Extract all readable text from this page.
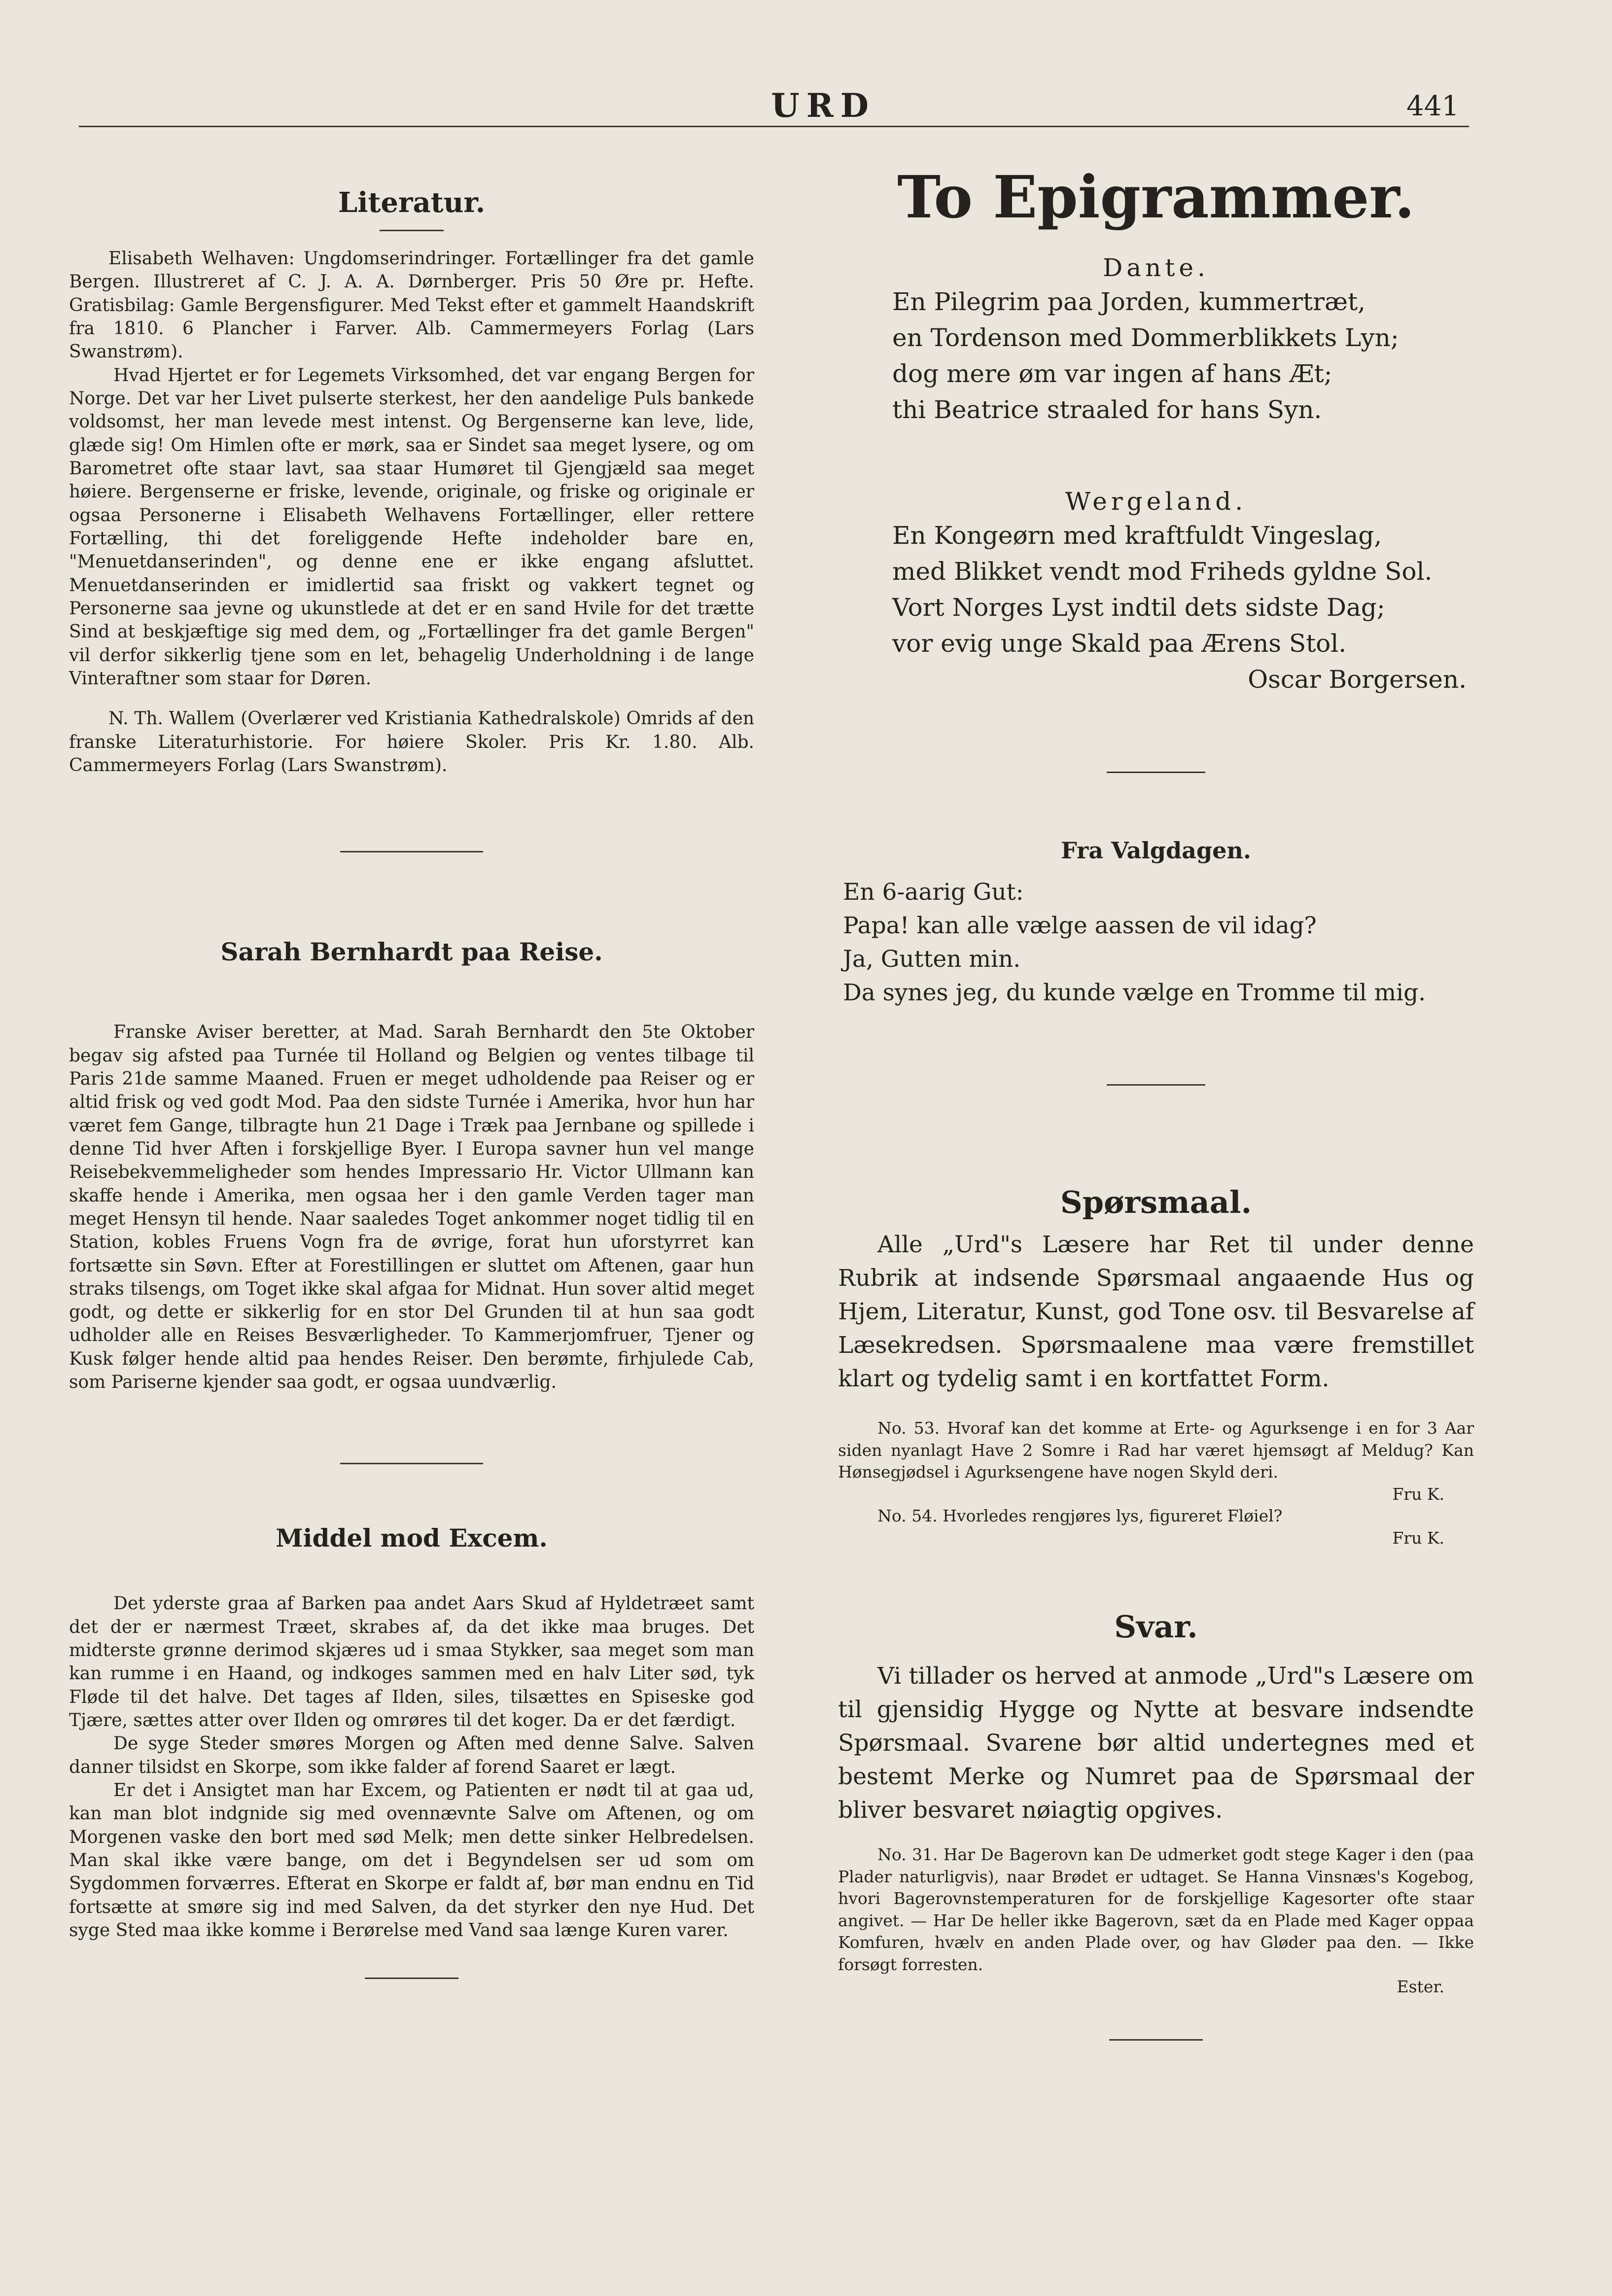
URD	441
Literatur.

Elisabeth Welhaven: Ungdomserindringer. Fortællinger fra det gamle Bergen. Illustreret af C. J. A. A. Dørnberger. Pris 50 Øre pr. Hefte. Gratisbilag: Gamle Bergensfigurer. Med Tekst efter et gammelt Haandskrift fra 1810. 6 Plancher i Farver. Alb. Cammermeyers Forlag (Lars Swanstrøm).

Hvad Hjertet er for Legemets Virksomhed, det var engang Bergen for Norge. Det var her Livet pulserte sterkest, her den aandelige Puls bankede voldsomst, her man levede mest intenst. Og Bergenserne kan leve, lide, glæde sig! Om Himlen ofte er mørk, saa er Sindet saa meget lysere, og om Barometret ofte staar lavt, saa staar Humøret til Gjengjæld saa meget høiere. Bergenserne er friske, levende, originale, og friske og originale er ogsaa Personerne i Elisabeth Welhavens Fortællinger, eller rettere Fortælling, thi det foreliggende Hefte indeholder bare en, "Menuetdanserinden", og denne ene er ikke engang afsluttet. Menuetdanserinden er imidlertid saa friskt og vakkert tegnet og Personerne saa jevne og ukunstlede at det er en sand Hvile for det trætte Sind at beskjæftige sig med dem, og „Fortællinger fra det gamle Bergen" vil derfor sikkerlig tjene som en let, behagelig Underholdning i de lange Vinteraftner som staar for Døren.

N. Th. Wallem (Overlærer ved Kristiania Kathedralskole) Omrids af den franske Literaturhistorie. For høiere Skoler. Pris Kr. 1.80. Alb. Cammermeyers Forlag (Lars Swanstrøm).

Sarah Bernhardt paa Reise.

Franske Aviser beretter, at Mad. Sarah Bernhardt den 5te Oktober begav sig afsted paa Turnée til Holland og Belgien og ventes tilbage til Paris 21de samme Maaned. Fruen er meget udholdende paa Reiser og er altid frisk og ved godt Mod. Paa den sidste Turnée i Amerika, hvor hun har været fem Gange, tilbragte hun 21 Dage i Træk paa Jernbane og spillede i denne Tid hver Aften i forskjellige Byer. I Europa savner hun vel mange Reisebekvemmeligheder som hendes Impressario Hr. Victor Ullmann kan skaffe hende i Amerika, men ogsaa her i den gamle Verden tager man meget Hensyn til hende. Naar saaledes Toget ankommer noget tidlig til en Station, kobles Fruens Vogn fra de øvrige, forat hun uforstyrret kan fortsætte sin Søvn. Efter at Forestillingen er sluttet om Aftenen, gaar hun straks tilsengs, om Toget ikke skal afgaa for Midnat. Hun sover altid meget godt, og dette er sikkerlig for en stor Del Grunden til at hun saa godt udholder alle en Reises Besværligheder. To Kammerjomfruer, Tjener og Kusk følger hende altid paa hendes Reiser. Den berømte, firhjulede Cab, som Pariserne kjender saa godt, er ogsaa uundværlig.

Middel mod Excem.

Det yderste graa af Barken paa andet Aars Skud af Hyldetræet samt det der er nærmest Træet, skrabes af, da det ikke maa bruges. Det midterste grønne derimod skjæres ud i smaa Stykker, saa meget som man kan rumme i en Haand, og indkoges sammen med en halv Liter sød, tyk Fløde til det halve. Det tages af Ilden, siles, tilsættes en Spiseske god Tjære, sættes atter over Ilden og omrøres til det koger. Da er det færdigt.

De syge Steder smøres Morgen og Aften med denne Salve. Salven danner tilsidst en Skorpe, som ikke falder af forend Saaret er lægt.

Er det i Ansigtet man har Excem, og Patienten er nødt til at gaa ud, kan man blot indgnide sig med ovennævnte Salve om Aftenen, og om Morgenen vaske den bort med sød Melk; men dette sinker Helbredelsen. Man skal ikke være bange, om det i Begyndelsen ser ud som om Sygdommen forværres. Efterat en Skorpe er faldt af, bør man endnu en Tid fortsætte at smøre sig ind med Salven, da det styrker den nye Hud. Det syge Sted maa ikke komme i Berørelse med Vand saa længe Kuren varer.

To Epigrammer.
Dante.
En Pilegrim paa Jorden, kummertræt,
en Tordenson med Dommerblikkets Lyn;
dog mere øm var ingen af hans Æt;
thi Beatrice straaled for hans Syn.
Wergeland.
En Kongeørn med kraftfuldt Vingeslag,
med Blikket vendt mod Friheds gyldne Sol.
Vort Norges Lyst indtil dets sidste Dag;
vor evig unge Skald paa Ærens Stol.
Oscar Borgersen.
Fra Valgdagen.
En 6-aarig Gut:
Papa! kan alle vælge aassen de vil idag?
Ja, Gutten min.
Da synes jeg, du kunde vælge en Tromme til mig.
Spørsmaal.

Alle „Urd"s Læsere har Ret til under denne Rubrik at indsende Spørsmaal angaaende Hus og Hjem, Literatur, Kunst, god Tone osv. til Besvarelse af Læsekredsen. Spørsmaalene maa være fremstillet klart og tydelig samt i en kortfattet Form.

No. 53. Hvoraf kan det komme at Erte- og Agurksenge i en for 3 Aar siden nyanlagt Have 2 Somre i Rad har været hjemsøgt af Meldug? Kan Hønsegjødsel i Agurksengene have nogen Skyld deri.

Fru K.

No. 54. Hvorledes rengjøres lys, figureret Fløiel?

Fru K.

Svar.

Vi tillader os herved at anmode „Urd"s Læsere om til gjensidig Hygge og Nytte at besvare indsendte Spørsmaal. Svarene bør altid undertegnes med et bestemt Merke og Numret paa de Spørsmaal der bliver besvaret nøiagtig opgives.

No. 31. Har De Bagerovn kan De udmerket godt stege Kager i den (paa Plader naturligvis), naar Brødet er udtaget. Se Hanna Vinsnæs's Kogebog, hvori Bagerovnstemperaturen for de forskjellige Kagesorter ofte staar angivet. — Har De heller ikke Bagerovn, sæt da en Plade med Kager oppaa Komfuren, hvælv en anden Plade over, og hav Gløder paa den. — Ikke forsøgt forresten.

Ester.
